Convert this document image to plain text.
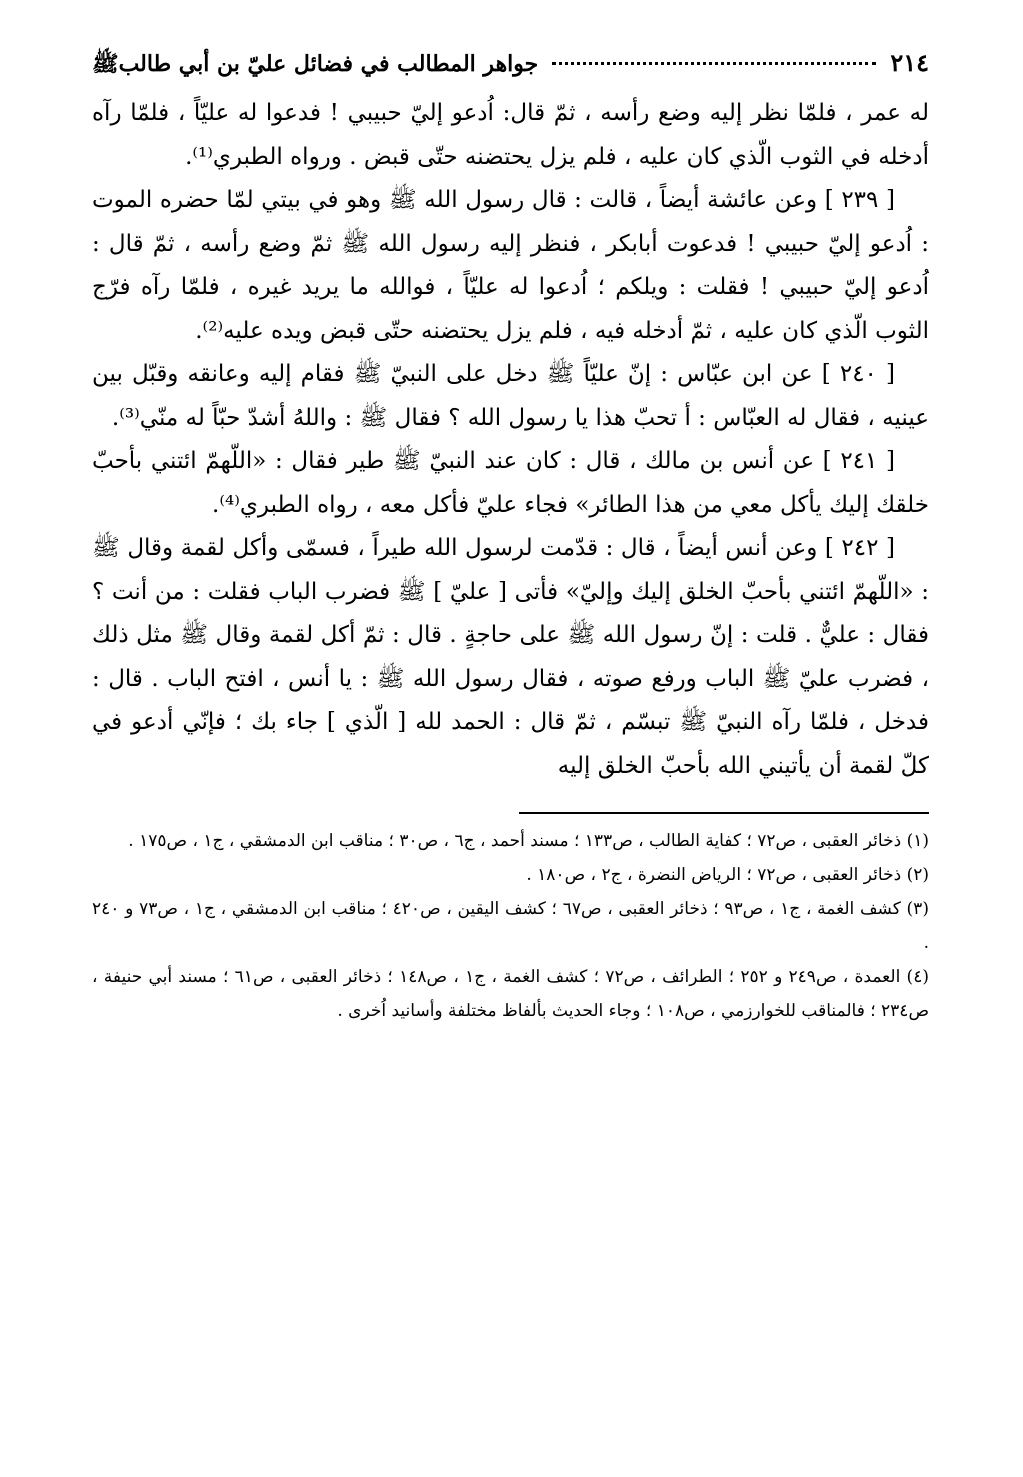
٢١٤
جواهر المطالب في فضائل عليّ بن أبي طالبﷺ

له عمر ، فلمّا نظر إليه وضع رأسه ، ثمّ قال: اُدعو إليّ حبيبي ! فدعوا له عليّاً ، فلمّا رآه أدخله في الثوب الّذي كان عليه ، فلم يزل يحتضنه حتّى قبض . ورواه الطبري⁽¹⁾.

[ ٢٣٩ ] وعن عائشة أيضاً ، قالت : قال رسول الله ﷺ وهو في بيتي لمّا حضره الموت : اُدعو إليّ حبيبي ! فدعوت أبابكر ، فنظر إليه رسول الله ﷺ ثمّ وضع رأسه ، ثمّ قال : اُدعو إليّ حبيبي ! فقلت : ويلكم ؛ اُدعوا له عليّاً ، فوالله ما يريد غيره ، فلمّا رآه فرّج الثوب الّذي كان عليه ، ثمّ أدخله فيه ، فلم يزل يحتضنه حتّى قبض ويده عليه⁽²⁾.

[ ٢٤٠ ] عن ابن عبّاس : إنّ عليّاً ﷺ دخل على النبيّ ﷺ فقام إليه وعانقه وقبّل بين عينيه ، فقال له العبّاس : أ تحبّ هذا يا رسول الله ؟ فقال ﷺ : واللهُ أشدّ حبّاً له منّي⁽³⁾.

[ ٢٤١ ] عن أنس بن مالك ، قال : كان عند النبيّ ﷺ طير فقال : «اللّهمّ ائتني بأحبّ خلقك إليك يأكل معي من هذا الطائر» فجاء عليّ فأكل معه ، رواه الطبري⁽⁴⁾.

[ ٢٤٢ ] وعن أنس أيضاً ، قال : قدّمت لرسول الله طيراً ، فسمّى وأكل لقمة وقال ﷺ : «اللّهمّ ائتني بأحبّ الخلق إليك وإليّ» فأتى [ عليّ ] ﷺ فضرب الباب فقلت : من أنت ؟ فقال : عليٌّ . قلت : إنّ رسول الله ﷺ على حاجةٍ . قال : ثمّ أكل لقمة وقال ﷺ مثل ذلك ، فضرب عليّ ﷺ الباب ورفع صوته ، فقال رسول الله ﷺ : يا أنس ، افتح الباب . قال : فدخل ، فلمّا رآه النبيّ ﷺ تبسّم ، ثمّ قال : الحمد لله [ الّذي ] جاء بك ؛ فإنّي أدعو في كلّ لقمة أن يأتيني الله بأحبّ الخلق إليه

(١) ذخائر العقبى ، ص٧٢ ؛ كفاية الطالب ، ص١٣٣ ؛ مسند أحمد ، ج٦ ، ص٣٠ ؛ مناقب ابن الدمشقي ، ج١ ، ص١٧٥ .

(٢) ذخائر العقبى ، ص٧٢ ؛ الرياض النضرة ، ج٢ ، ص١٨٠ .

(٣) كشف الغمة ، ج١ ، ص٩٣ ؛ ذخائر العقبى ، ص٦٧ ؛ كشف اليقين ، ص٤٢٠ ؛ مناقب ابن الدمشقي ، ج١ ، ص٧٣ و ٢٤٠ .

(٤) العمدة ، ص٢٤٩ و ٢٥٢ ؛ الطرائف ، ص٧٢ ؛ كشف الغمة ، ج١ ، ص١٤٨ ؛ ذخائر العقبى ، ص٦١ ؛ مسند أبي حنيفة ، ص٢٣٤ ؛ فالمناقب للخوارزمي ، ص١٠٨ ؛ وجاء الحديث بألفاظ مختلفة وأسانيد اُخرى .
